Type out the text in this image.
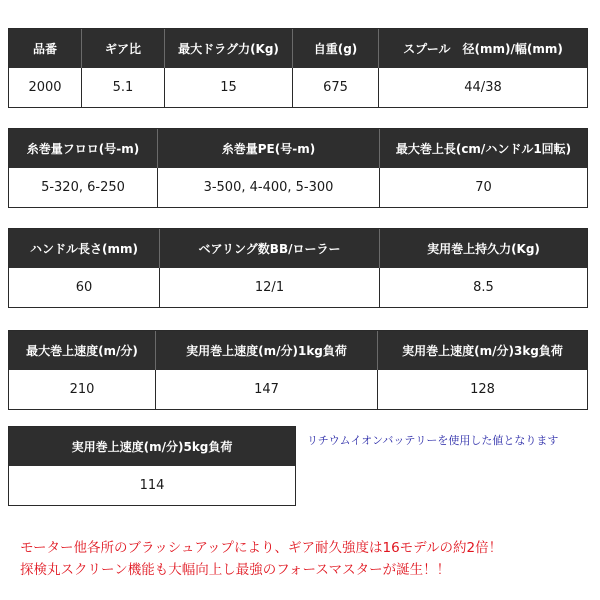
品番	ギア比	最大ドラグ力(Kg)	自重(g)	スプール　径(mm)/幅(mm)
2000	5.1	15	675	44/38
糸巻量フロロ(号-m)	糸巻量PE(号-m)	最大巻上長(cm/ハンドル1回転)
5-320, 6-250	3-500, 4-400, 5-300	70
ハンドル長さ(mm)	ベアリング数BB/ローラー	実用巻上持久力(Kg)
60	12/1	8.5
最大巻上速度(m/分)	実用巻上速度(m/分)1kg負荷	実用巻上速度(m/分)3kg負荷
210	147	128
実用巻上速度(m/分)5kg負荷
114
リチウムイオンバッテリーを使用した値となります
モーター他各所のブラッシュアップにより、ギア耐久強度は16モデルの約2倍！
探検丸スクリーン機能も大幅向上し最強のフォースマスターが誕生！！
